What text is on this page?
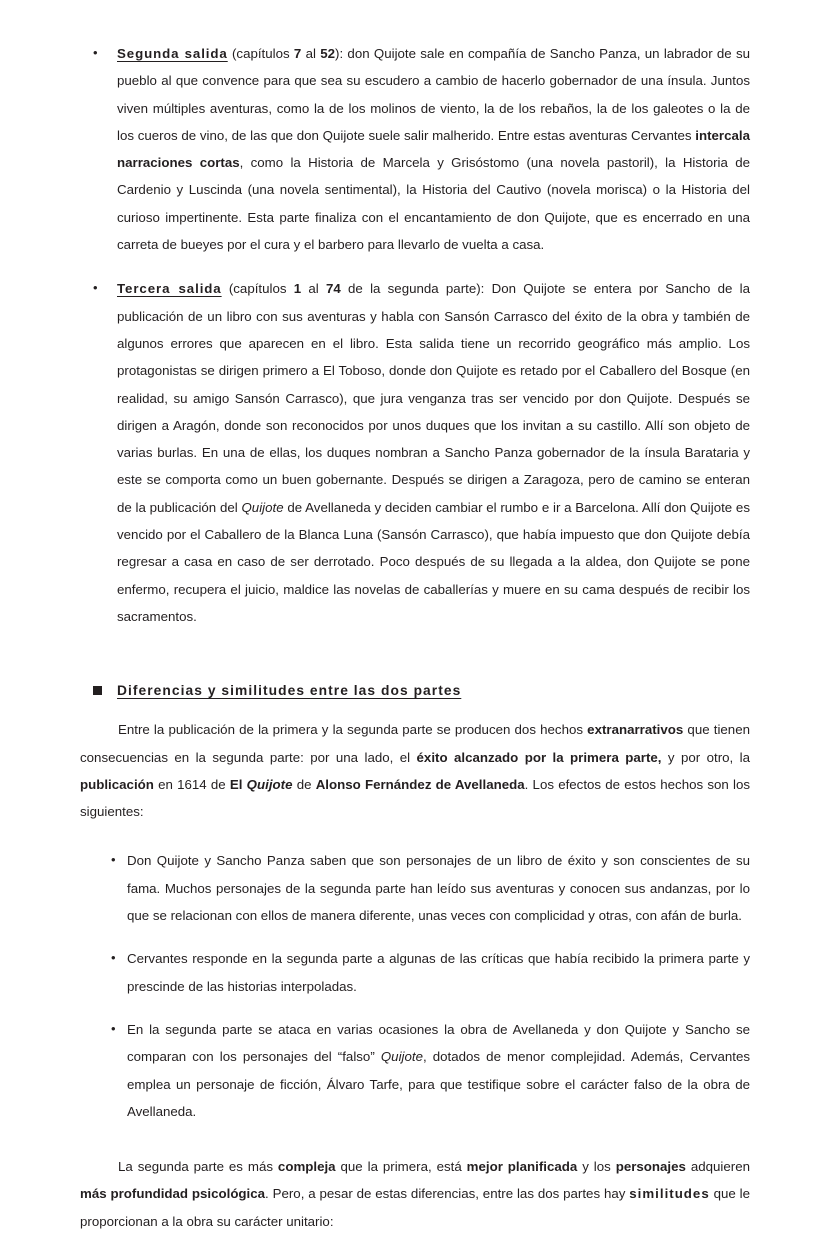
• Segunda salida (capítulos 7 al 52): don Quijote sale en compañía de Sancho Panza, un labrador de su pueblo al que convence para que sea su escudero a cambio de hacerlo gobernador de una ínsula. Juntos viven múltiples aventuras, como la de los molinos de viento, la de los rebaños, la de los galeotes o la de los cueros de vino, de las que don Quijote suele salir malherido. Entre estas aventuras Cervantes intercala narraciones cortas, como la Historia de Marcela y Grisóstomo (una novela pastoril), la Historia de Cardenio y Luscinda (una novela sentimental), la Historia del Cautivo (novela morisca) o la Historia del curioso impertinente. Esta parte finaliza con el encantamiento de don Quijote, que es encerrado en una carreta de bueyes por el cura y el barbero para llevarlo de vuelta a casa.

• Tercera salida (capítulos 1 al 74 de la segunda parte): Don Quijote se entera por Sancho de la publicación de un libro con sus aventuras y habla con Sansón Carrasco del éxito de la obra y también de algunos errores que aparecen en el libro. Esta salida tiene un recorrido geográfico más amplio. Los protagonistas se dirigen primero a El Toboso, donde don Quijote es retado por el Caballero del Bosque (en realidad, su amigo Sansón Carrasco), que jura venganza tras ser vencido por don Quijote. Después se dirigen a Aragón, donde son reconocidos por unos duques que los invitan a su castillo. Allí son objeto de varias burlas. En una de ellas, los duques nombran a Sancho Panza gobernador de la ínsula Barataria y este se comporta como un buen gobernante. Después se dirigen a Zaragoza, pero de camino se enteran de la publicación del Quijote de Avellaneda y deciden cambiar el rumbo e ir a Barcelona. Allí don Quijote es vencido por el Caballero de la Blanca Luna (Sansón Carrasco), que había impuesto que don Quijote debía regresar a casa en caso de ser derrotado. Poco después de su llegada a la aldea, don Quijote se pone enfermo, recupera el juicio, maldice las novelas de caballerías y muere en su cama después de recibir los sacramentos.

Diferencias y similitudes entre las dos partes

Entre la publicación de la primera y la segunda parte se producen dos hechos extranarrativos que tienen consecuencias en la segunda parte: por una lado, el éxito alcanzado por la primera parte, y por otro, la publicación en 1614 de El Quijote de Alonso Fernández de Avellaneda. Los efectos de estos hechos son los siguientes:

• Don Quijote y Sancho Panza saben que son personajes de un libro de éxito y son conscientes de su fama. Muchos personajes de la segunda parte han leído sus aventuras y conocen sus andanzas, por lo que se relacionan con ellos de manera diferente, unas veces con complicidad y otras, con afán de burla.

• Cervantes responde en la segunda parte a algunas de las críticas que había recibido la primera parte y prescinde de las historias interpoladas.

• En la segunda parte se ataca en varias ocasiones la obra de Avellaneda y don Quijote y Sancho se comparan con los personajes del “falso” Quijote, dotados de menor complejidad. Además, Cervantes emplea un personaje de ficción, Álvaro Tarfe, para que testifique sobre el carácter falso de la obra de Avellaneda.

La segunda parte es más compleja que la primera, está mejor planificada y los personajes adquieren más profundidad psicológica. Pero, a pesar de estas diferencias, entre las dos partes hay similitudes que le proporcionan a la obra su carácter unitario:
